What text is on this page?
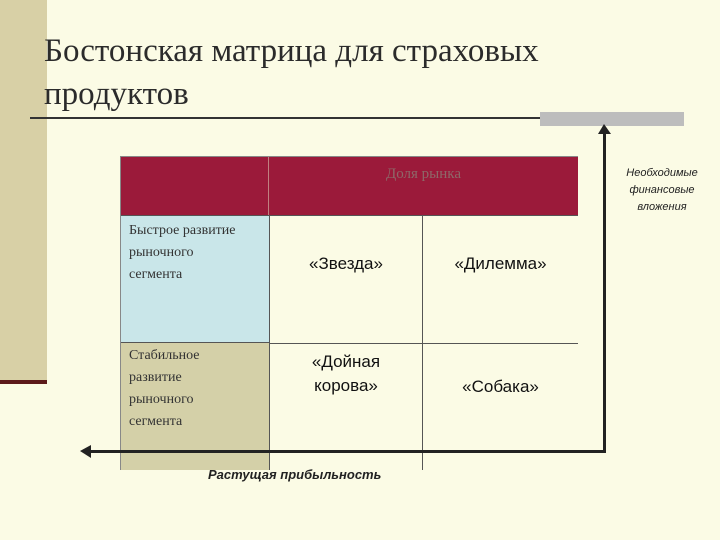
Бостонская матрица для страховых продуктов
Доля рынка
Быстрое развитие рыночного сегмента
«Звезда»	«Дилемма»
Стабильное развитие рыночного сегмента
«Дойная корова»	«Собака»
Необходимые финансовые вложения
Растущая прибыльность
